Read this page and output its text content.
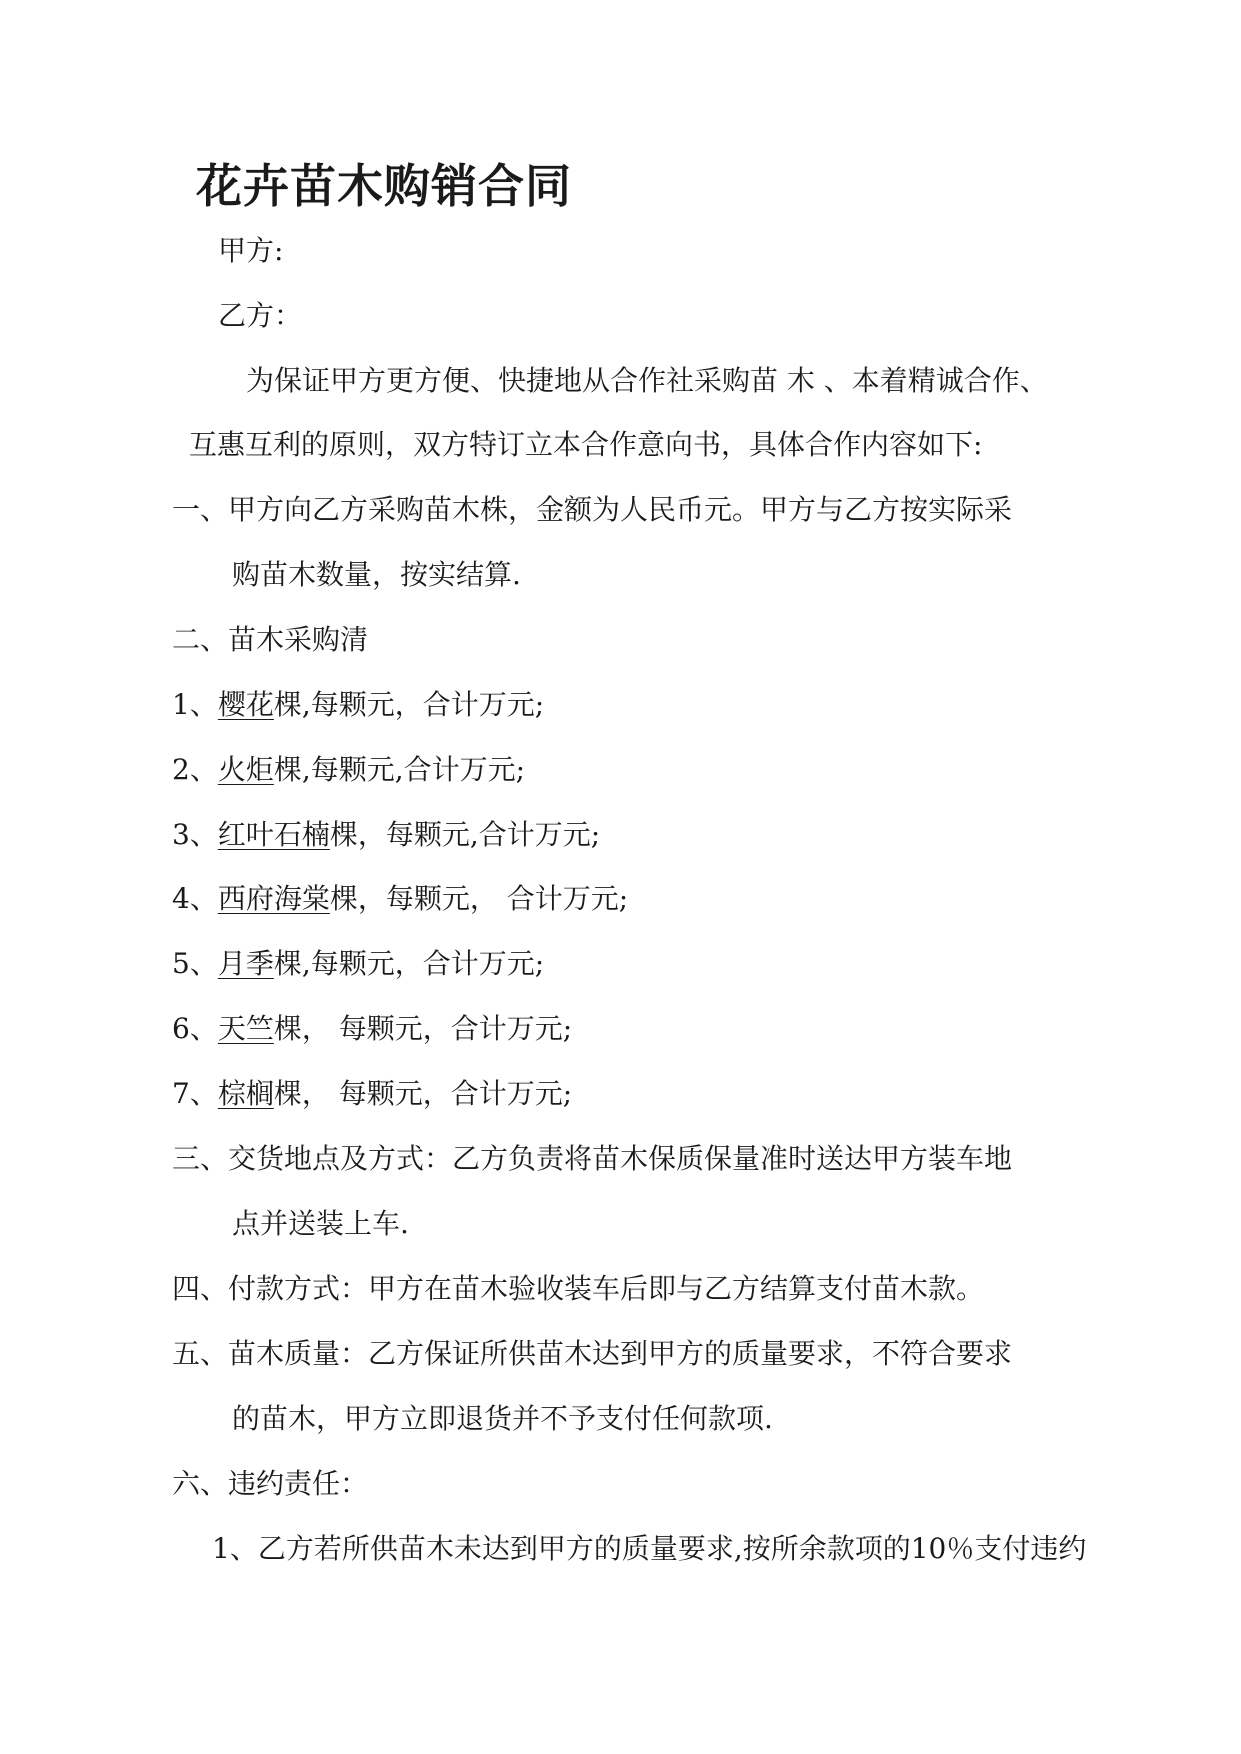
花卉苗木购销合同
甲方:
乙方：
为保证甲方更方便、快捷地从合作社采购苗 木 、本着精诚合作、
互惠互利的原则，双方特订立本合作意向书，具体合作内容如下:
一、甲方向乙方采购苗木株，金额为人民币元。甲方与乙方按实际采
购苗木数量，按实结算.
二、苗木采购清
1、樱花棵,每颗元，合计万元;
2、火炬棵,每颗元,合计万元;
3、红叶石楠棵，每颗元,合计万元;
4、西府海棠棵，每颗元， 合计万元;
5、月季棵,每颗元，合计万元;
6、天竺棵， 每颗元，合计万元;
7、棕榈棵， 每颗元，合计万元;
三、交货地点及方式：乙方负责将苗木保质保量准时送达甲方装车地
点并送装上车.
四、付款方式：甲方在苗木验收装车后即与乙方结算支付苗木款。
五、苗木质量：乙方保证所供苗木达到甲方的质量要求，不符合要求
的苗木，甲方立即退货并不予支付任何款项.
六、违约责任：
1、乙方若所供苗木未达到甲方的质量要求,按所余款项的10％支付违约
